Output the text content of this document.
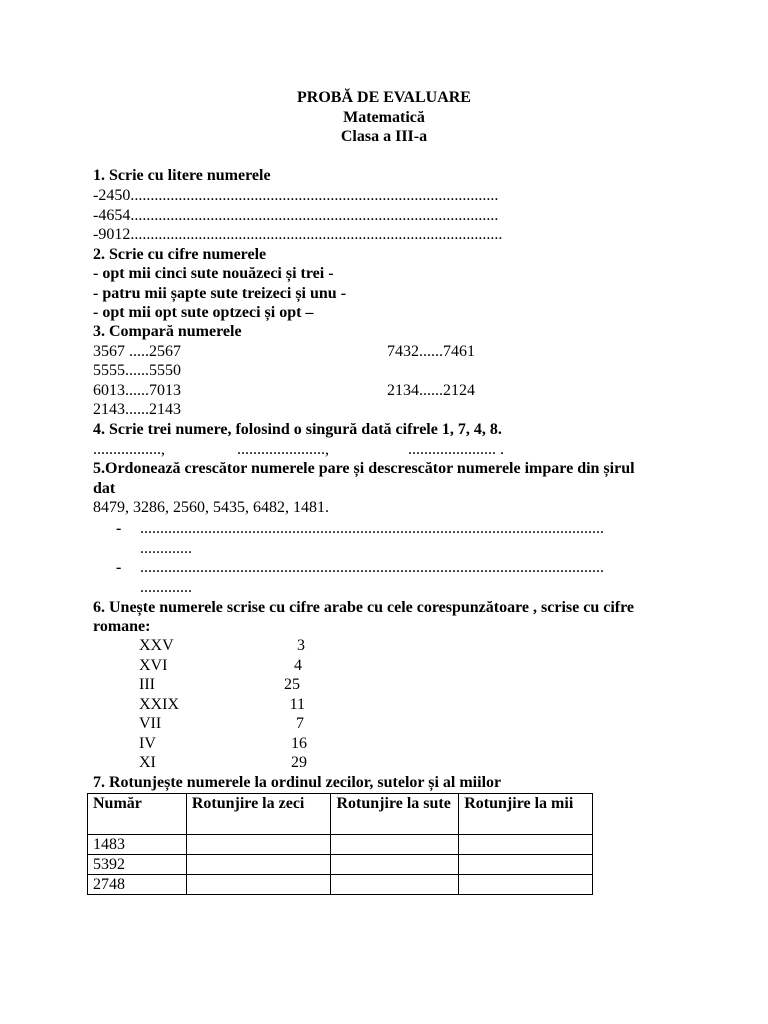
PROBĂ DE EVALUARE
Matematică
Clasa a III-a
1. Scrie cu litere numerele
-2450............................................................................................
-4654............................................................................................
-9012.............................................................................................
2. Scrie cu cifre numerele
- opt mii cinci sute nouăzeci și trei -
- patru mii șapte sute treizeci și unu -
- opt mii opt sute optzeci și opt –
3. Compară numerele
3567 .....2567	7432......7461
5555......5550
6013......7013	2134......2124
2143......2143
4. Scrie trei numere, folosind o singură dată cifrele 1, 7, 4, 8.
.................,	......................,	...................... .
5.Ordonează crescător numerele pare și descrescător numerele impare din șirul
dat
8479, 3286, 2560, 5435, 6482, 1481.
- ....................................................................................................................
.............
- ....................................................................................................................
.............
6. Unește numerele scrise cu cifre arabe cu cele corespunzătoare , scrise cu cifre
romane:
XXV	3
XVI	4
III	25
XXIX	11
VII	7
IV	16
XI	29
7. Rotunjește numerele la ordinul zecilor, sutelor și al miilor
Număr	Rotunjire la zeci	Rotunjire la sute	Rotunjire la mii
1483			
5392			
2748			
